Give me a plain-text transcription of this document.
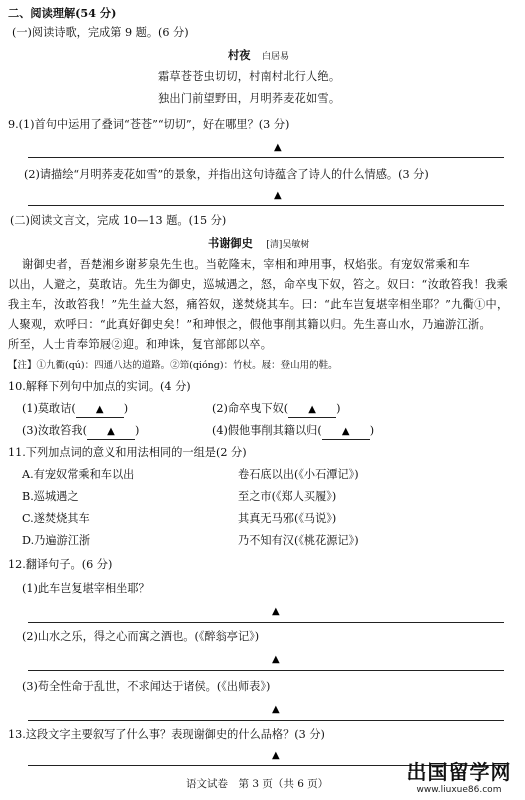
二、阅读理解(54 分)
(一)阅读诗歌，完成第 9 题。(6 分)
村夜 白居易
霜草苍苍虫切切，村南村北行人绝。
独出门前望野田，月明荞麦花如雪。
9.(1)首句中运用了叠词“苍苍”“切切”，好在哪里？(3 分)
▲
(2)请描绘“月明荞麦花如雪”的景象，并指出这句诗蕴含了诗人的什么情感。(3 分)
▲
(二)阅读文言文，完成 10—13 题。(15 分)
书谢御史 [清]吴敏树
谢御史者，吾楚湘乡谢芗泉先生也。当乾隆末，宰相和珅用事，权焰张。有宠奴常乘和车
以出，人避之，莫敢诘。先生为御史，巡城遇之，怒，命卒曳下奴，笞之。奴曰：“汝敢笞我！我乘
我主车，汝敢笞我！”先生益大怒，痛笞奴，遂焚烧其车。曰：“此车岂复堪宰相坐耶？”九衢①中，
人聚观，欢呼曰：“此真好御史矣！”和珅恨之，假他事削其籍以归。先生喜山水，乃遍游江浙。
所至，人士肯奉笻屐②迎。和珅诛，复官部郎以卒。
【注】①九衢(qú)：四通八达的道路。②笻(qióng)：竹杖。屐：登山用的鞋。
10.解释下列句中加点的实词。(4 分)
(1)莫敢诘( ▲ )	(2)命卒曳下奴( ▲ )
(3)汝敢笞我( ▲ )	(4)假他事削其籍以归( ▲ )
11.下列加点词的意义和用法相同的一组是(2 分)
A.有宠奴常乘和车以出	卷石底以出(《小石潭记》)
B.巡城遇之	至之市(《郑人买履》)
C.遂焚烧其车	其真无马邪(《马说》)
D.乃遍游江浙	乃不知有汉(《桃花源记》)
12.翻译句子。(6 分)
(1)此车岂复堪宰相坐耶？
▲
(2)山水之乐，得之心而寓之酒也。(《醉翁亭记》)
▲
(3)苟全性命于乱世，不求闻达于诸侯。(《出师表》)
▲
13.这段文字主要叙写了什么事？表现谢御史的什么品格？(3 分)
▲
语文试卷　第 3 页（共 6 页）	出国留学网
www.liuxue86.com
